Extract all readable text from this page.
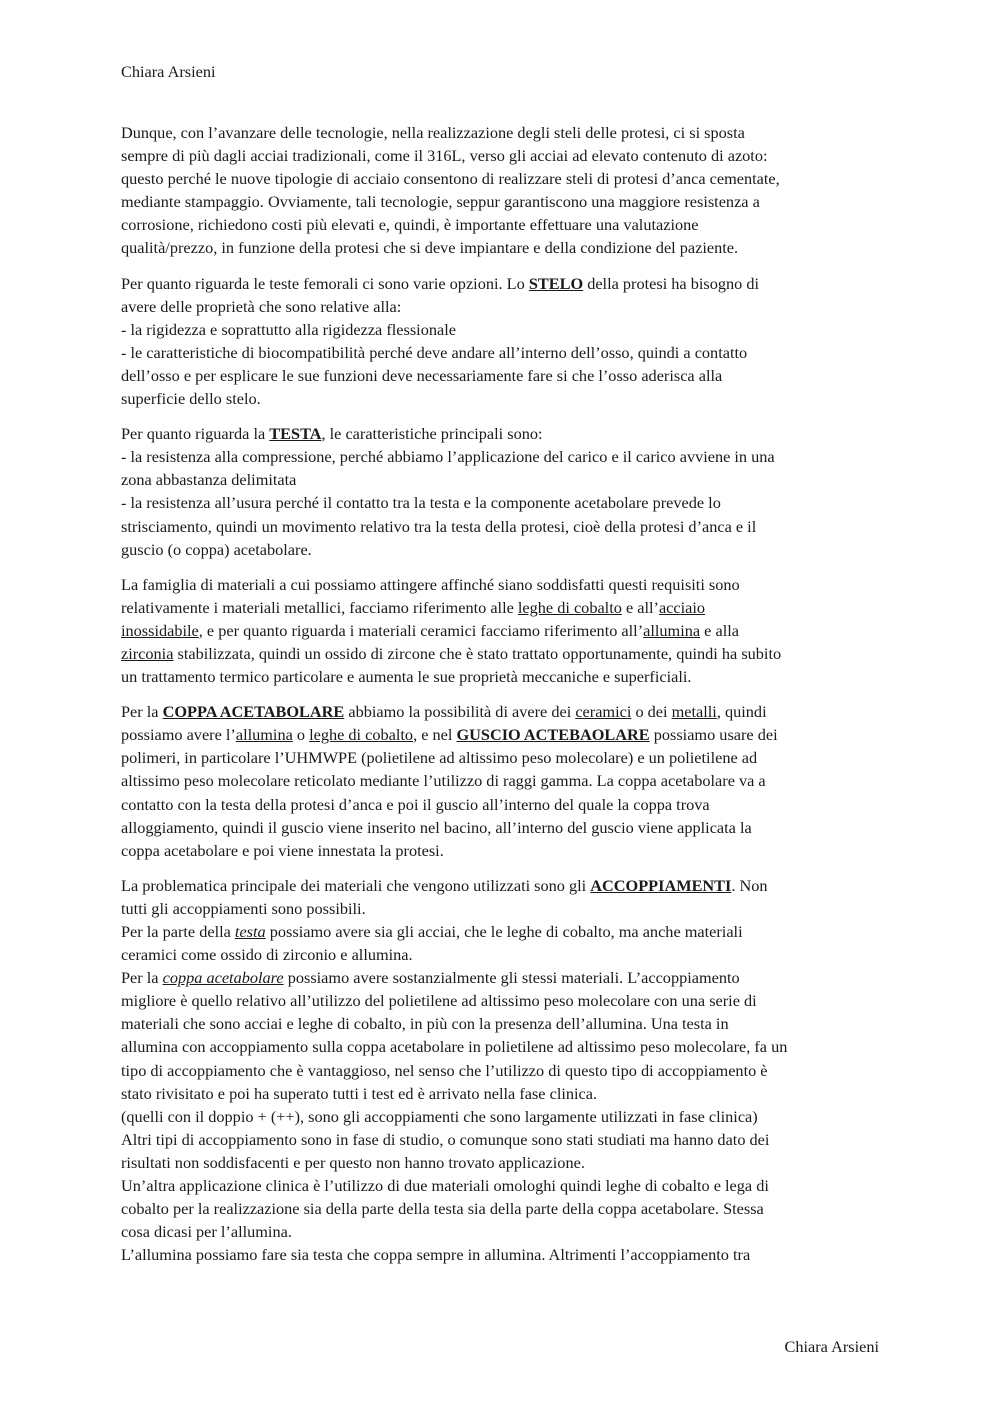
Chiara Arsieni
Dunque, con l’avanzare delle tecnologie, nella realizzazione degli steli delle protesi, ci si sposta
sempre di più dagli acciai tradizionali, come il 316L, verso gli acciai ad elevato contenuto di azoto:
questo perché le nuove tipologie di acciaio consentono di realizzare steli di protesi d’anca cementate,
mediante stampaggio. Ovviamente, tali tecnologie, seppur garantiscono una maggiore resistenza a
corrosione, richiedono costi più elevati e, quindi, è importante effettuare una valutazione
qualità/prezzo, in funzione della protesi che si deve impiantare e della condizione del paziente.
Per quanto riguarda le teste femorali ci sono varie opzioni. Lo STELO della protesi ha bisogno di
avere delle proprietà che sono relative alla:
- la rigidezza e soprattutto alla rigidezza flessionale
- le caratteristiche di biocompatibilità perché deve andare all’interno dell’osso, quindi a contatto
dell’osso e per esplicare le sue funzioni deve necessariamente fare si che l’osso aderisca alla
superficie dello stelo.
Per quanto riguarda la TESTA, le caratteristiche principali sono:
- la resistenza alla compressione, perché abbiamo l’applicazione del carico e il carico avviene in una
zona abbastanza delimitata
- la resistenza all’usura perché il contatto tra la testa e la componente acetabolare prevede lo
strisciamento, quindi un movimento relativo tra la testa della protesi, cioè della protesi d’anca e il
guscio (o coppa) acetabolare.
La famiglia di materiali a cui possiamo attingere affinché siano soddisfatti questi requisiti sono
relativamente i materiali metallici, facciamo riferimento alle leghe di cobalto e all’acciaio
inossidabile, e per quanto riguarda i materiali ceramici facciamo riferimento all’allumina e alla
zirconia stabilizzata, quindi un ossido di zircone che è stato trattato opportunamente, quindi ha subito
un trattamento termico particolare e aumenta le sue proprietà meccaniche e superficiali.
Per la COPPA ACETABOLARE abbiamo la possibilità di avere dei ceramici o dei metalli, quindi
possiamo avere l’allumina o leghe di cobalto, e nel GUSCIO ACTEBAOLARE possiamo usare dei
polimeri, in particolare l’UHMWPE (polietilene ad altissimo peso molecolare) e un polietilene ad
altissimo peso molecolare reticolato mediante l’utilizzo di raggi gamma. La coppa acetabolare va a
contatto con la testa della protesi d’anca e poi il guscio all’interno del quale la coppa trova
alloggiamento, quindi il guscio viene inserito nel bacino, all’interno del guscio viene applicata la
coppa acetabolare e poi viene innestata la protesi.
La problematica principale dei materiali che vengono utilizzati sono gli ACCOPPIAMENTI. Non
tutti gli accoppiamenti sono possibili.
Per la parte della testa possiamo avere sia gli acciai, che le leghe di cobalto, ma anche materiali
ceramici come ossido di zirconio e allumina.
Per la coppa acetabolare possiamo avere sostanzialmente gli stessi materiali. L’accoppiamento
migliore è quello relativo all’utilizzo del polietilene ad altissimo peso molecolare con una serie di
materiali che sono acciai e leghe di cobalto, in più con la presenza dell’allumina. Una testa in
allumina con accoppiamento sulla coppa acetabolare in polietilene ad altissimo peso molecolare, fa un
tipo di accoppiamento che è vantaggioso, nel senso che l’utilizzo di questo tipo di accoppiamento è
stato rivisitato e poi ha superato tutti i test ed è arrivato nella fase clinica.
(quelli con il doppio + (++), sono gli accoppiamenti che sono largamente utilizzati in fase clinica)
Altri tipi di accoppiamento sono in fase di studio, o comunque sono stati studiati ma hanno dato dei
risultati non soddisfacenti e per questo non hanno trovato applicazione.
Un’altra applicazione clinica è l’utilizzo di due materiali omologhi quindi leghe di cobalto e lega di
cobalto per la realizzazione sia della parte della testa sia della parte della coppa acetabolare. Stessa
cosa dicasi per l’allumina.
L’allumina possiamo fare sia testa che coppa sempre in allumina. Altrimenti l’accoppiamento tra
Chiara Arsieni
